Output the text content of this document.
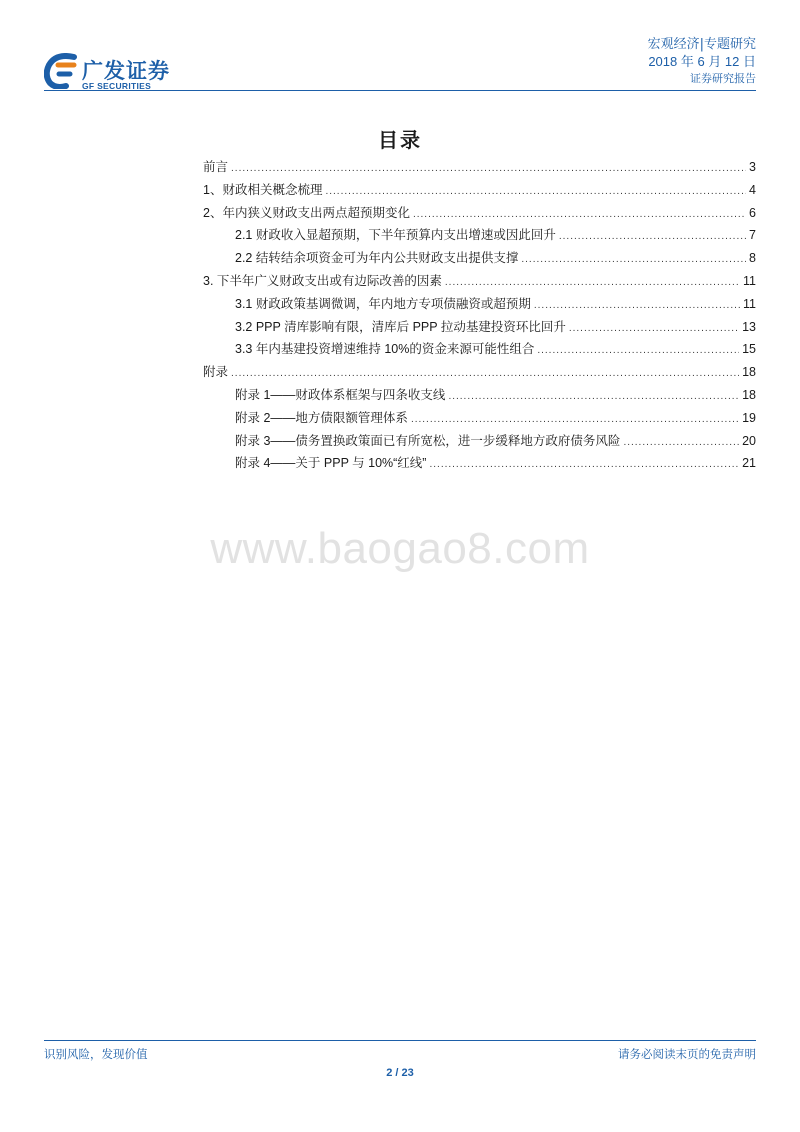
广发证券
GF SECURITIES
宏观经济|专题研究
2018 年 6 月 12 日
证券研究报告
目录
前言 .....	3
1、财政相关概念梳理 .....	4
2、年内狭义财政支出两点超预期变化 .....	6
2.1 财政收入显超预期，下半年预算内支出增速或因此回升 .....	7
2.2 结转结余项资金可为年内公共财政支出提供支撑 .....	8
3. 下半年广义财政支出或有边际改善的因素 .....	11
3.1 财政政策基调微调，年内地方专项债融资或超预期 .....	11
3.2 PPP 清库影响有限，清库后 PPP 拉动基建投资环比回升 .....	13
3.3 年内基建投资增速维持 10%的资金来源可能性组合 .....	15
附录 .....	18
附录 1——财政体系框架与四条收支线 .....	18
附录 2——地方债限额管理体系 .....	19
附录 3——债务置换政策面已有所宽松，进一步缓释地方政府债务风险 .....	20
附录 4——关于 PPP 与 10%“红线” .....	21
www.baogao8.com
识别风险，发现价值	请务必阅读末页的免责声明
2 / 23
